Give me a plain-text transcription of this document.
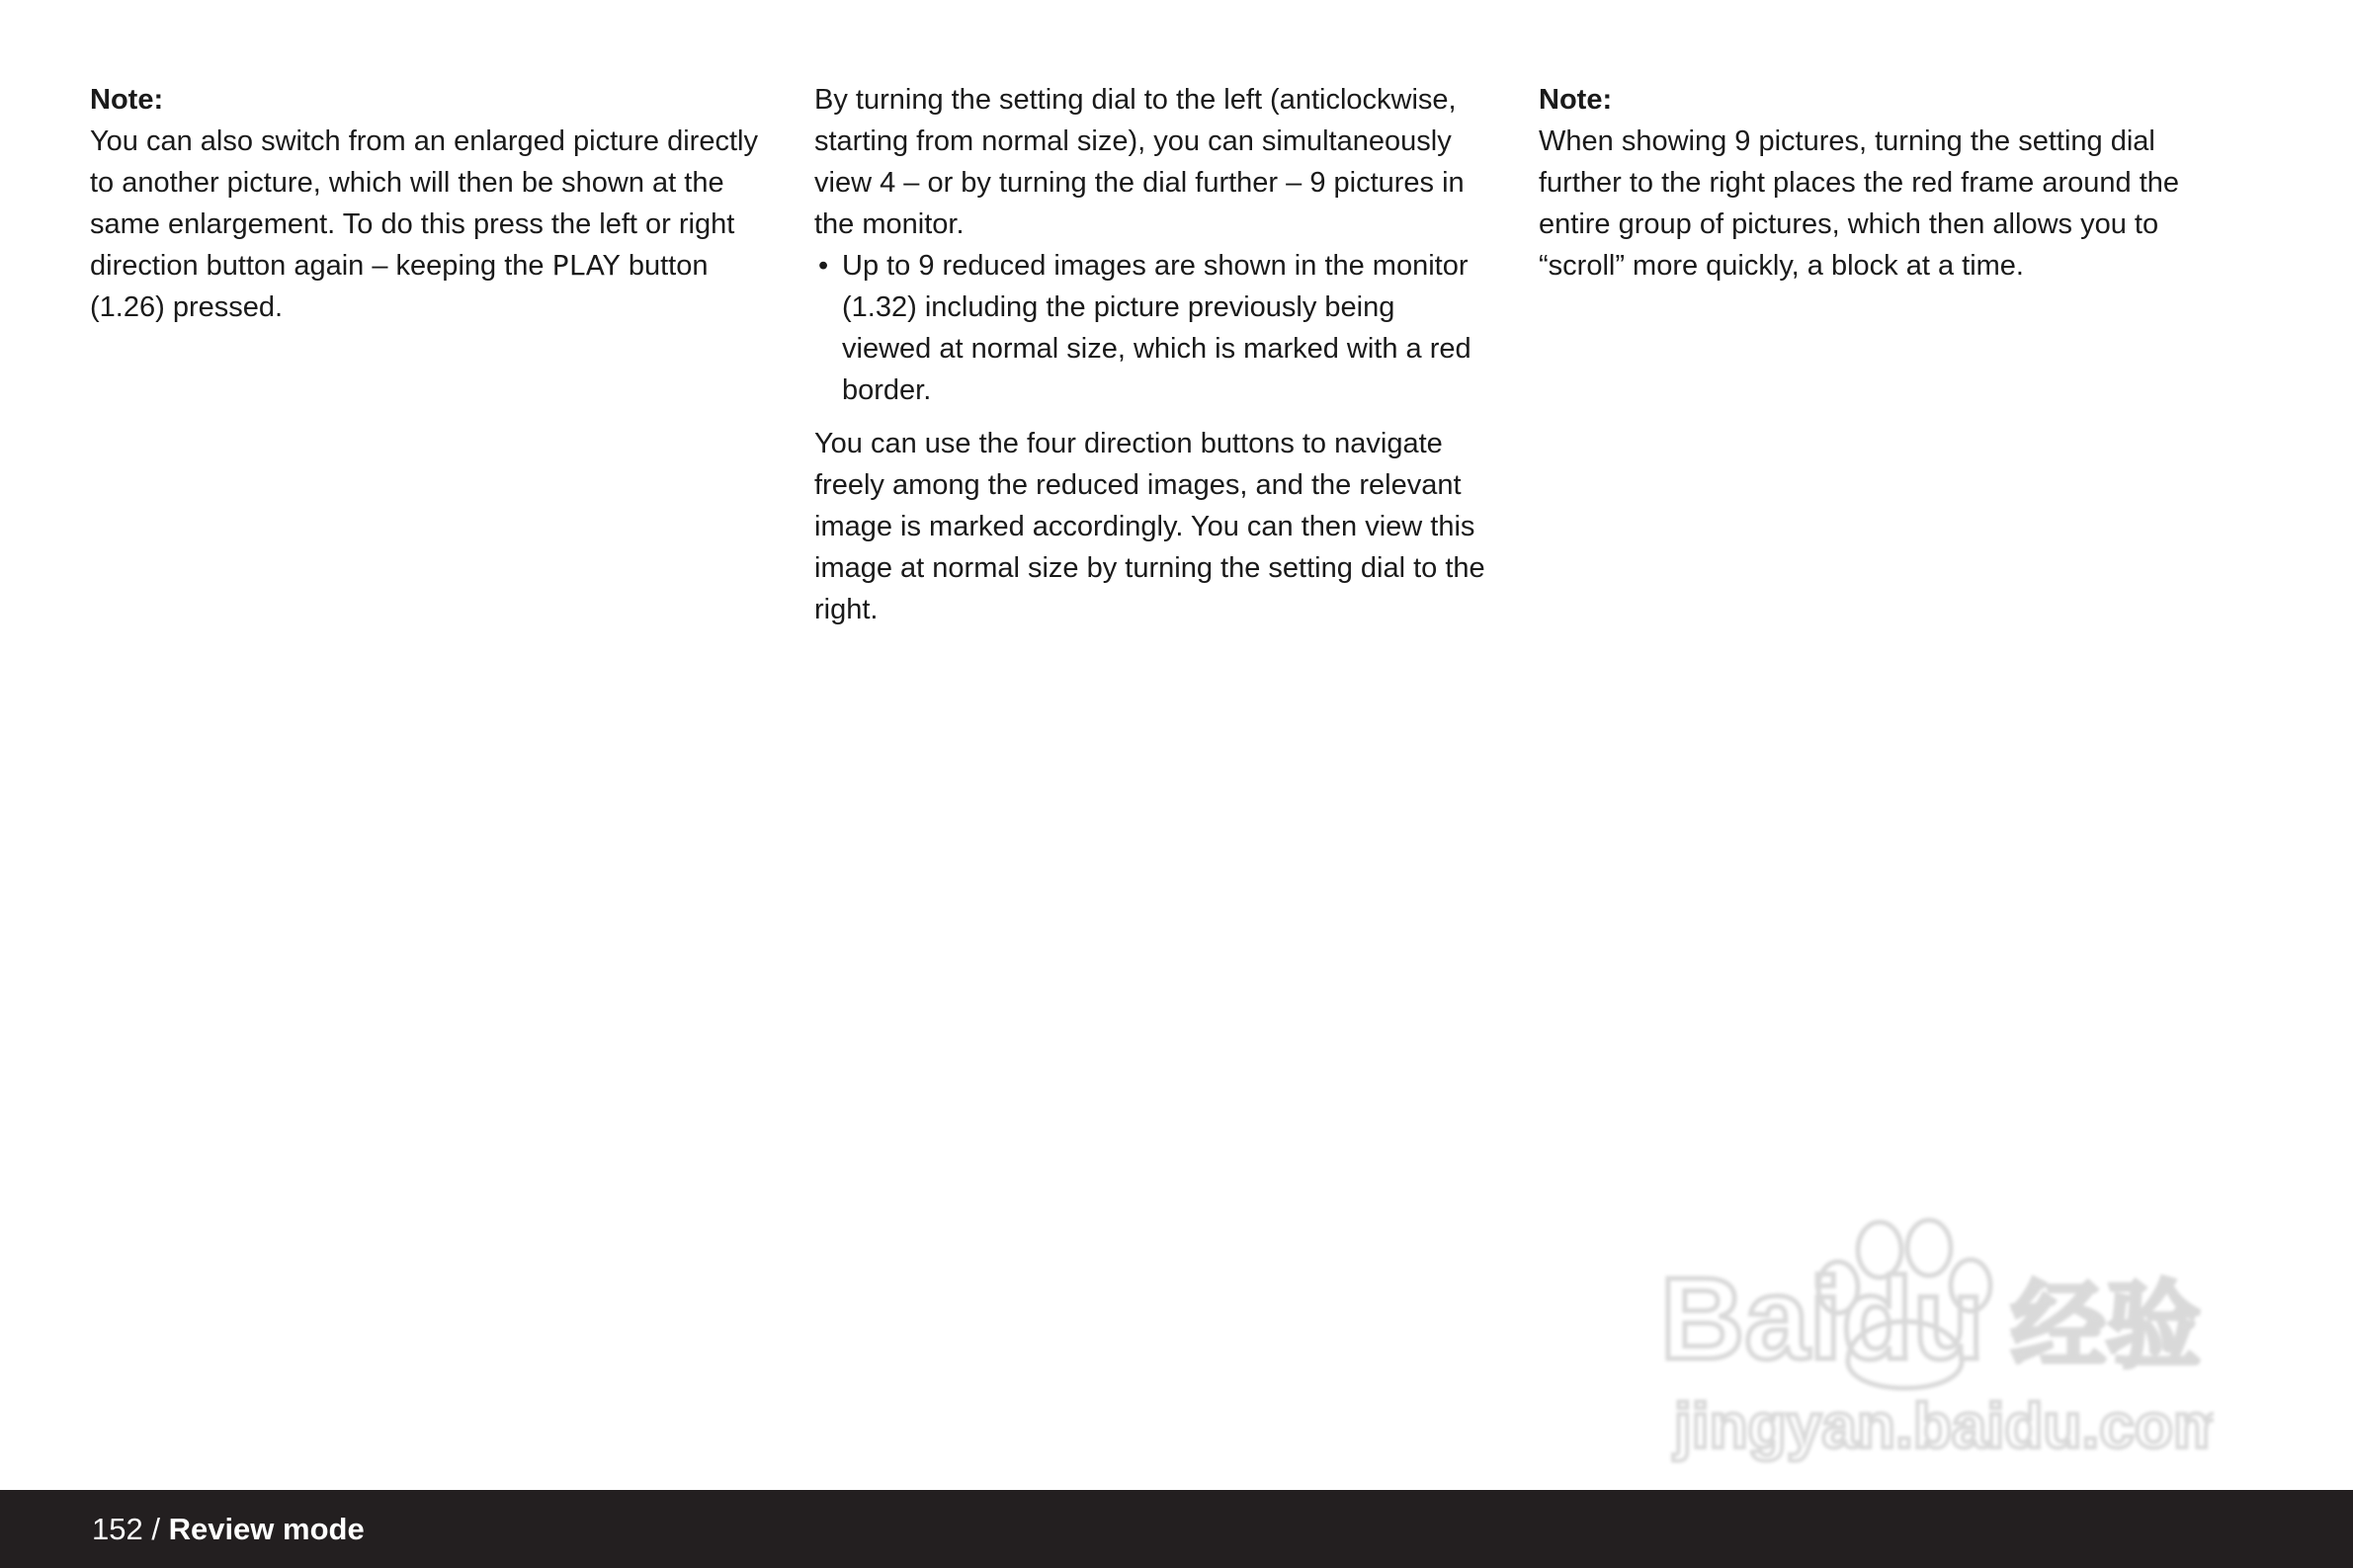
Note:

You can also switch from an enlarged picture directly to another picture, which will then be shown at the same enlargement. To do this press the left or right direction button again – keeping the PLAY button (1.26) pressed.

By turning the setting dial to the left (anticlockwise, starting from normal size), you can simultaneously view 4 – or by turning the dial further – 9 pictures in the monitor.

• Up to 9 reduced images are shown in the monitor (1.32) including the picture previously being viewed at normal size, which is marked with a red border.

You can use the four direction buttons to navigate freely among the reduced images, and the relevant image is marked accordingly. You can then view this image at normal size by turning the setting dial to the right.

Note:

When showing 9 pictures, turning the setting dial further to the right places the red frame around the entire group of pictures, which then allows you to “scroll” more quickly, a block at a time.

Baidu 经验
jingyan.baidu.com
152 / Review mode
